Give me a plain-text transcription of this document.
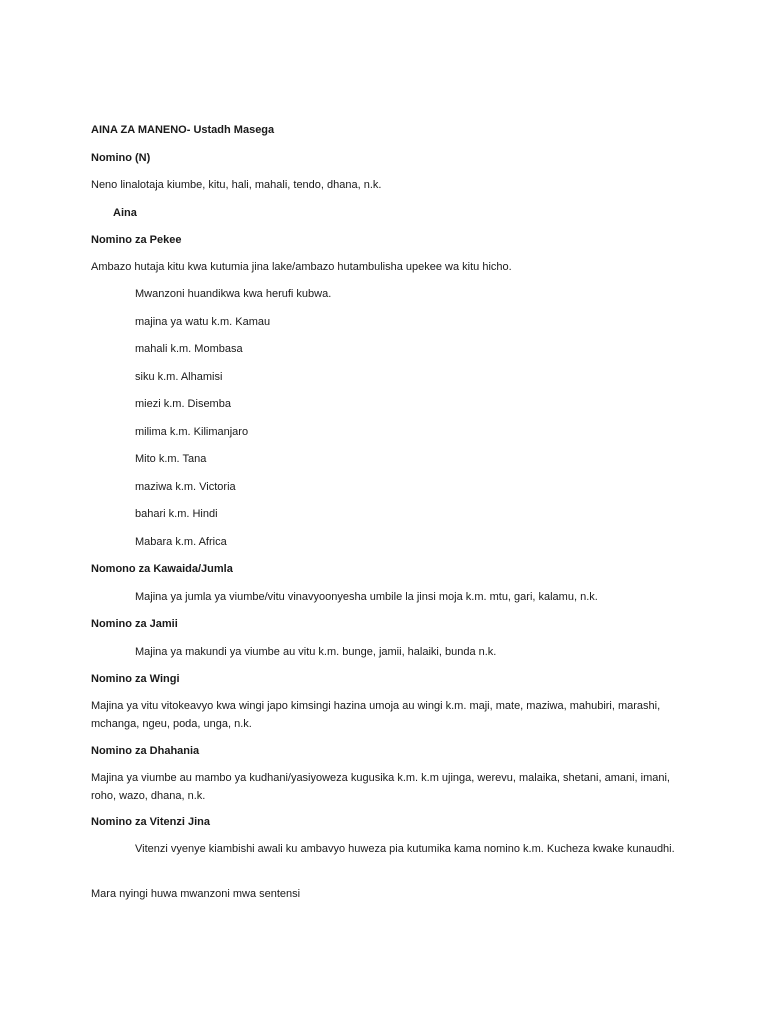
AINA ZA MANENO- Ustadh Masega
Nomino (N)
Neno linalotaja kiumbe, kitu, hali, mahali, tendo, dhana, n.k.
Aina
Nomino za Pekee
Ambazo hutaja kitu kwa kutumia jina lake/ambazo hutambulisha upekee wa kitu hicho.
Mwanzoni huandikwa kwa herufi kubwa.
majina ya watu k.m. Kamau
mahali k.m. Mombasa
siku k.m. Alhamisi
miezi k.m. Disemba
milima k.m. Kilimanjaro
Mito k.m. Tana
maziwa k.m. Victoria
bahari k.m. Hindi
Mabara k.m. Africa
Nomono za Kawaida/Jumla
Majina ya jumla ya viumbe/vitu vinavyoonyesha umbile la jinsi moja k.m. mtu, gari, kalamu, n.k.
Nomino za Jamii
Majina ya makundi ya viumbe au vitu k.m. bunge, jamii, halaiki, bunda n.k.
Nomino za Wingi
Majina ya vitu vitokeavyo kwa wingi japo kimsingi hazina umoja au wingi k.m. maji, mate, maziwa, mahubiri, marashi, mchanga, ngeu, poda, unga, n.k.
Nomino za Dhahania
Majina ya viumbe au mambo ya kudhani/yasiyoweza kugusika k.m. k.m ujinga, werevu, malaika, shetani, amani, imani, roho, wazo, dhana, n.k.
Nomino za Vitenzi Jina
Vitenzi vyenye kiambishi awali ku ambavyo huweza pia kutumika kama nomino k.m. Kucheza kwake kunaudhi.
Mara nyingi huwa mwanzoni mwa sentensi
